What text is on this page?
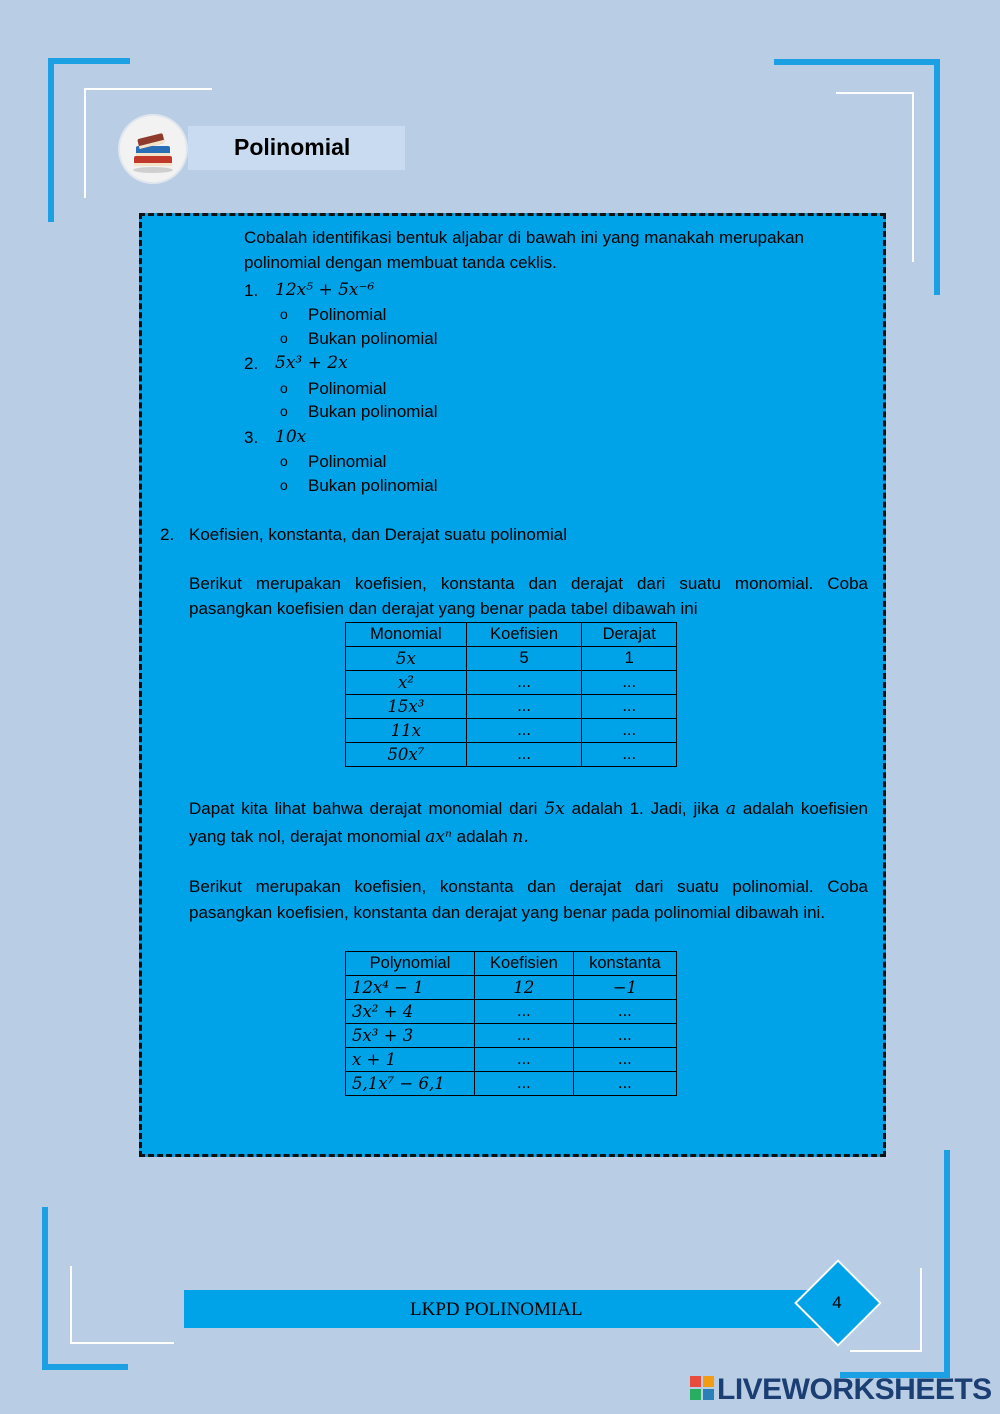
Polinomial
Cobalah identifikasi bentuk aljabar di bawah ini yang manakah merupakan polinomial dengan membuat tanda ceklis.
1. 12x⁵ + 5x⁻⁶
o Polinomial
o Bukan polinomial
2. 5x³ + 2x
o Polinomial
o Bukan polinomial
3. 10x
o Polinomial
o Bukan polinomial
2. Koefisien, konstanta, dan Derajat suatu polinomial
Berikut merupakan koefisien, konstanta dan derajat dari suatu monomial. Coba pasangkan koefisien dan derajat yang benar pada tabel dibawah ini
Monomial	Koefisien	Derajat
5x	5	1
x²	...	...
15x³	...	...
11x	...	...
50x⁷	...	...
Dapat kita lihat bahwa derajat monomial dari 5x adalah 1. Jadi, jika a adalah koefisien yang tak nol, derajat monomial axⁿ adalah n.
Berikut merupakan koefisien, konstanta dan derajat dari suatu polinomial. Coba pasangkan koefisien, konstanta dan derajat yang benar pada polinomial dibawah ini.
Polynomial	Koefisien	konstanta
12x⁴ − 1	12	−1
3x² + 4	...	...
5x³ + 3	...	...
x + 1	...	...
5,1x⁷ − 6,1	...	...
LKPD POLINOMIAL	4
LIVEWORKSHEETS
